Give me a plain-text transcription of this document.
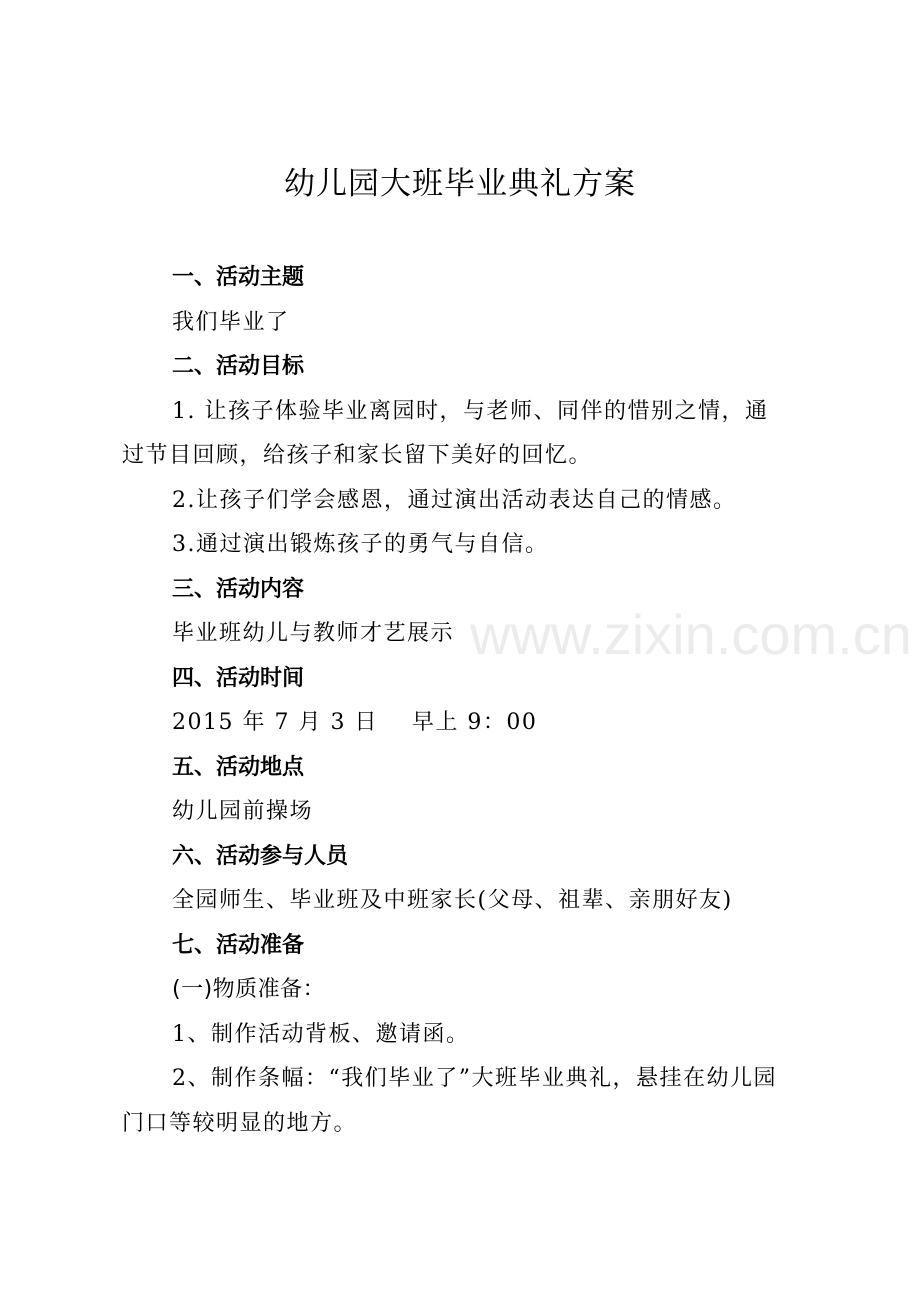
www.zixin.com.cn
幼儿园大班毕业典礼方案
一、活动主题
我们毕业了
二、活动目标
1. 让孩子体验毕业离园时，与老师、同伴的惜别之情，通
过节目回顾，给孩子和家长留下美好的回忆。
2.让孩子们学会感恩，通过演出活动表达自己的情感。
3.通过演出锻炼孩子的勇气与自信。
三、活动内容
毕业班幼儿与教师才艺展示
四、活动时间
2015 年 7 月 3 日    早上 9：00
五、活动地点
幼儿园前操场
六、活动参与人员
全园师生、毕业班及中班家长(父母、祖辈、亲朋好友)
七、活动准备
(一)物质准备：
1、制作活动背板、邀请函。
2、制作条幅：“我们毕业了”大班毕业典礼，悬挂在幼儿园
门口等较明显的地方。
